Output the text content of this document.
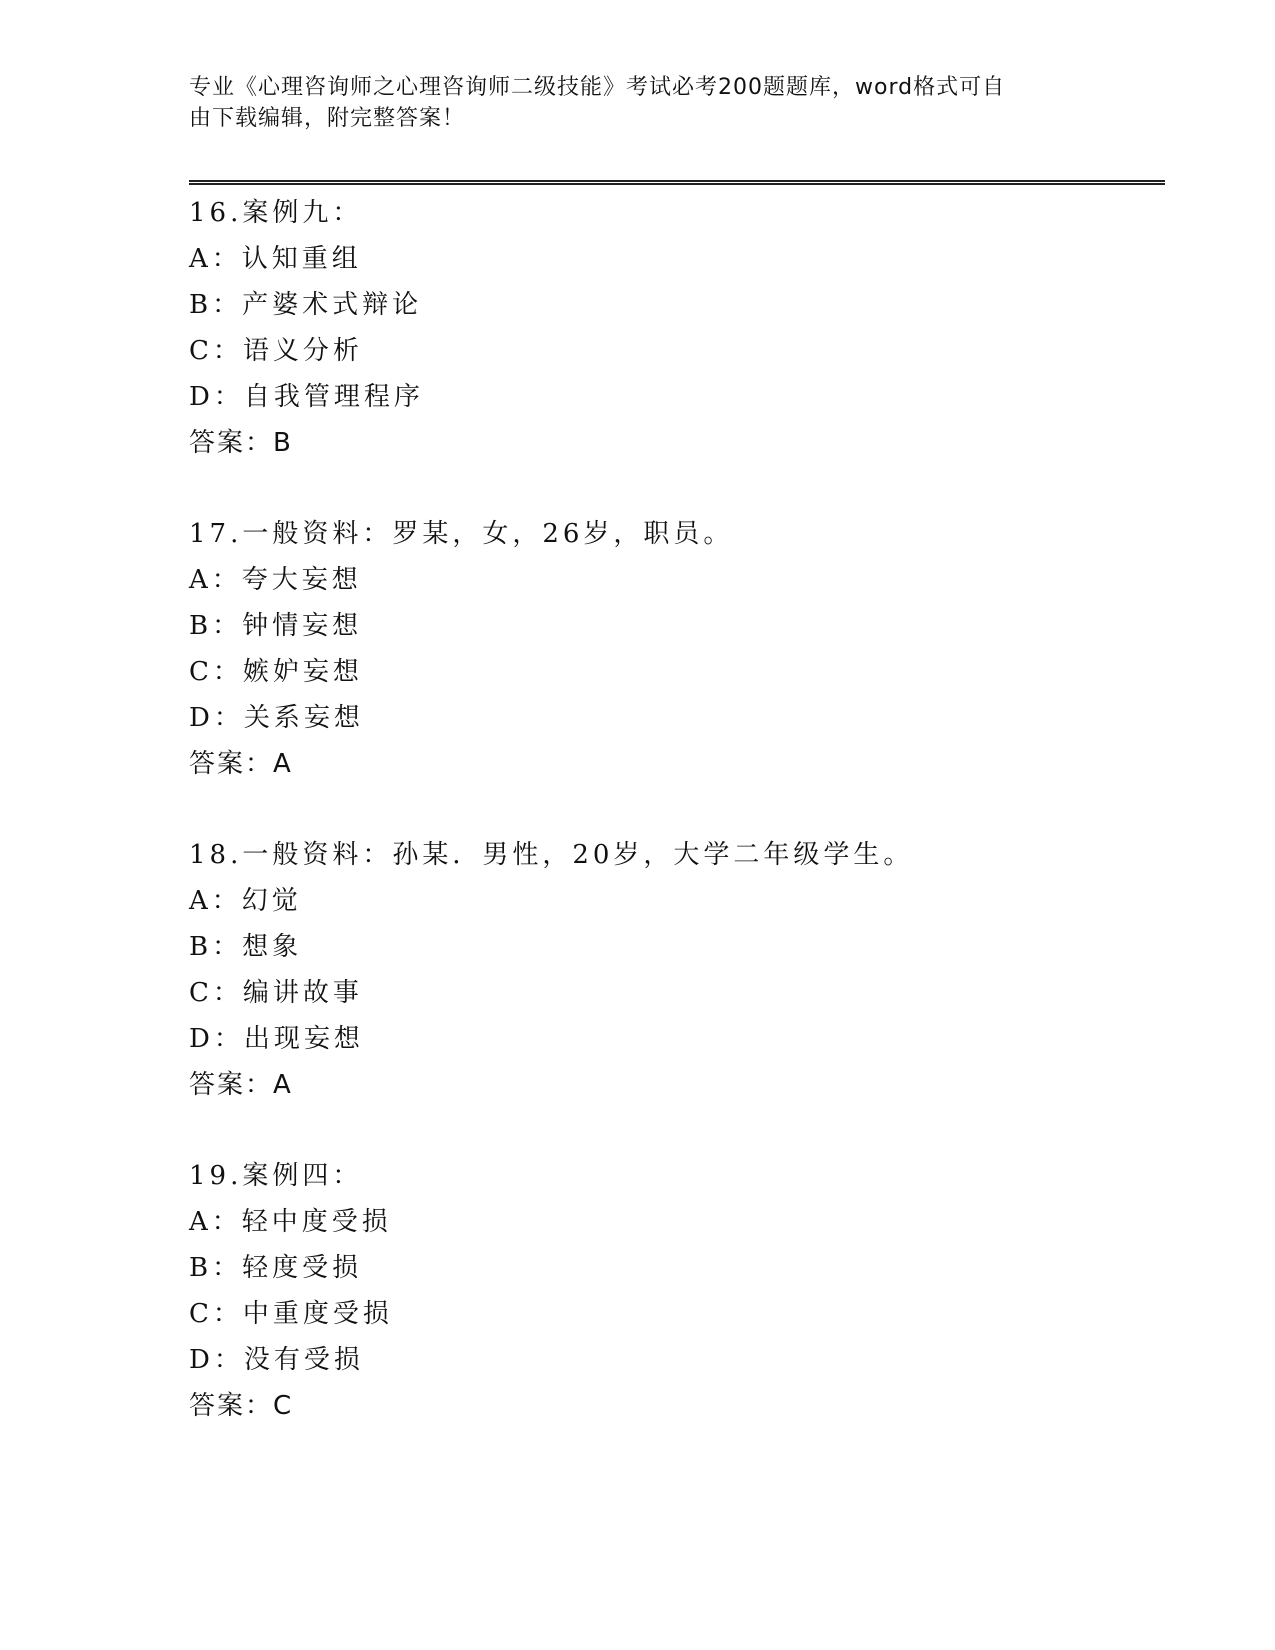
专业《心理咨询师之心理咨询师二级技能》考试必考200题题库，word格式可自

由下载编辑，附完整答案！

16.案例九：
A：认知重组
B：产婆术式辩论
C：语义分析
D：自我管理程序
答案：B
17.一般资料：罗某，女，26岁，职员。
A：夸大妄想
B：钟情妄想
C：嫉妒妄想
D：关系妄想
答案：A
18.一般资料：孙某．男性，20岁，大学二年级学生。
A：幻觉
B：想象
C：编讲故事
D：出现妄想
答案：A
19.案例四：
A：轻中度受损
B：轻度受损
C：中重度受损
D：没有受损
答案：C
